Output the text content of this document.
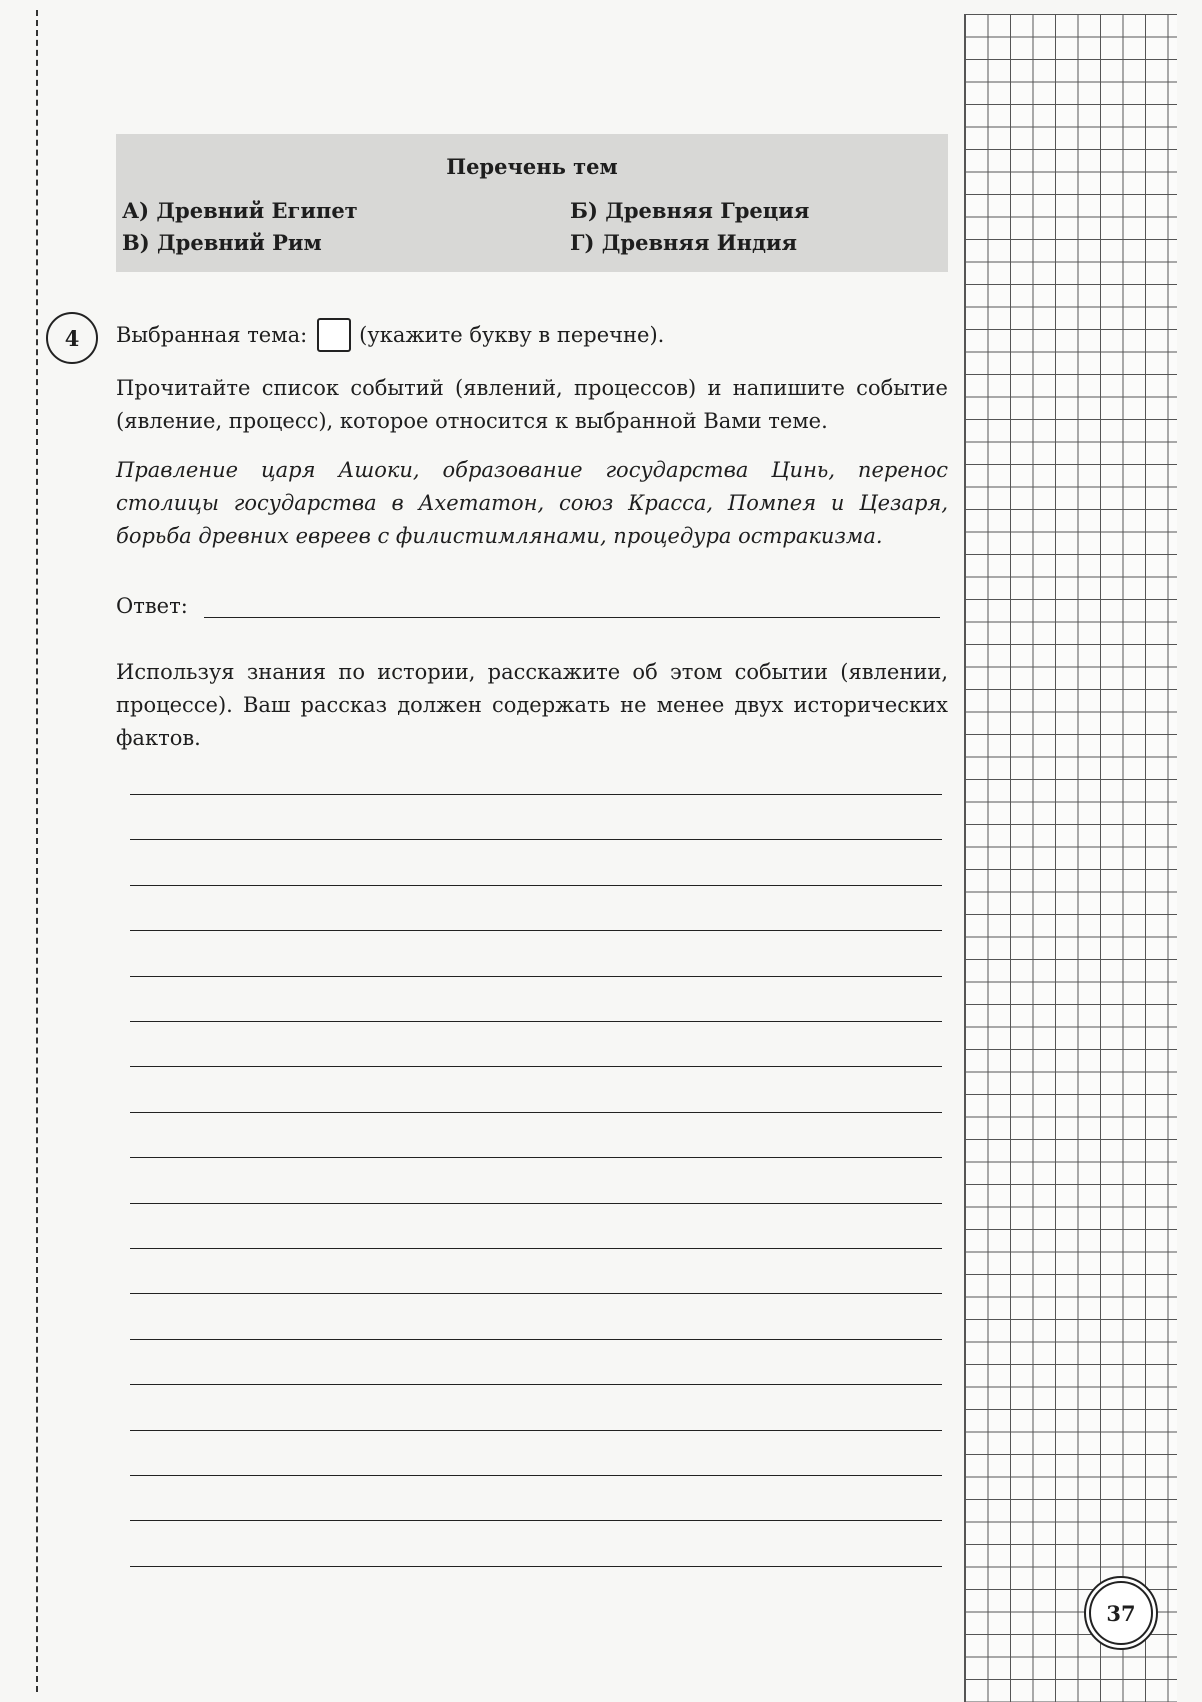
Перечень тем
А) Древний Египет	Б) Древняя Греция
В) Древний Рим	Г) Древняя Индия
4	Выбранная тема: (укажите букву в перечне).
Прочитайте список событий (явлений, процессов) и напишите событие (явление, процесс), которое относится к выбранной Вами теме.
Правление царя Ашоки, образование государства Цинь, перенос столицы государства в Ахетатон, союз Красса, Помпея и Цезаря, борьба древних евреев с филистимлянами, процедура остракизма.
Ответ:
Используя знания по истории, расскажите об этом событии (явлении, процессе). Ваш рассказ должен содержать не менее двух исторических фактов.
37
